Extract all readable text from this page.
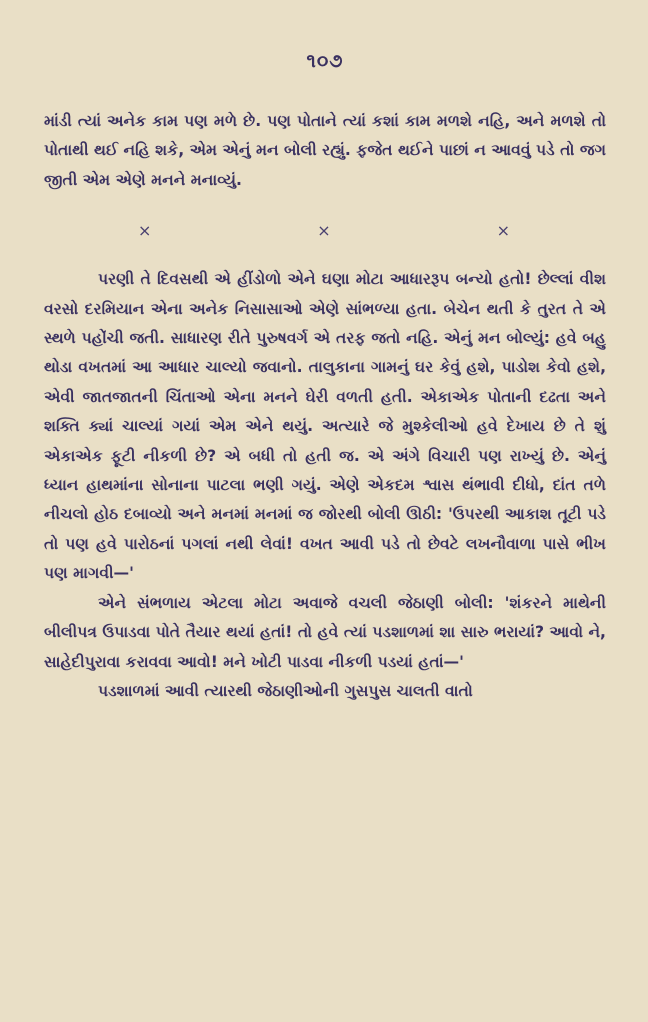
૧૦૭

માંડી ત્યાં અનેક કામ પણ મળે છે. પણ પોતાને ત્યાં કશાં કામ મળશે નહિ, અને મળશે તો પોતાથી થઈ નહિ શકે, એમ એનું મન બોલી રહ્યું. ફજેત થઈને પાછાં ન આવવું પડે તો જગ જીતી એમ એણે મનને મનાવ્યું.

×	×	×

પરણી તે દિવસથી એ હીંડોળો એને ઘણા મોટા આધારરૂપ બન્યો હતો! છેલ્લાં વીશ વરસો દરમિયાન એના અનેક નિસાસાઓ એણે સાંભળ્યા હતા. બેચેન થતી કે તુરત તે એ સ્થળે પહોંચી જતી. સાધારણ રીતે પુરુષવર્ગ એ તરફ જતો નહિ. એનું મન બોલ્યું: હવે બહુ થોડા વખતમાં આ આધાર ચાલ્યો જવાનો. તાલુકાના ગામનું ઘર કેવું હશે, પાડોશ કેવો હશે, એવી જાતજાતની ચિંતાઓ એના મનને ઘેરી વળતી હતી. એકાએક પોતાની દઢતા અને શક્તિ ક્યાં ચાલ્યાં ગયાં એમ એને થયું. અત્યારે જે મુશ્કેલીઓ હવે દેખાય છે તે શું એકાએક ફૂટી નીકળી છે? એ બધી તો હતી જ. એ અંગે વિચારી પણ રાખ્યું છે. એનું ધ્યાન હાથમાંના સોનાના પાટલા ભણી ગયું. એણે એકદમ શ્વાસ થંભાવી દીધો, દાંત તળે નીચલો હોઠ દબાવ્યો અને મનમાં મનમાં જ જોરથી બોલી ઊઠી: 'ઉપરથી આકાશ તૂટી પડે તો પણ હવે પારોઠનાં પગલાં નથી લેવાં! વખત આવી પડે તો છેવટે લખનૌવાળા પાસે ભીખ પણ માગવી—'

એને સંભળાય એટલા મોટા અવાજે વચલી જેઠાણી બોલી: 'શંકરને માથેની બીલીપત્ર ઉપાડવા પોતે તૈયાર થયાં હતાં! તો હવે ત્યાં પડશાળમાં શા સારુ ભરાયાં? આવો ને, સાહેદીપુરાવા કરાવવા આવો! મને ખોટી પાડવા નીકળી પડયાં હતાં—'

પડશાળમાં આવી ત્યારથી જેઠાણીઓની ગુસપુસ ચાલતી વાતો
